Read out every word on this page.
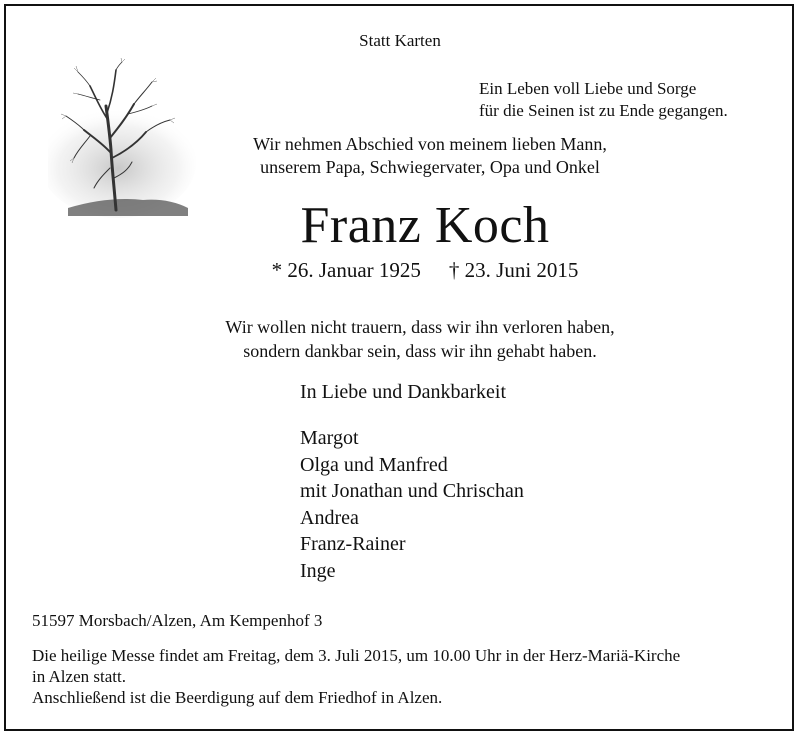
Statt Karten
Ein Leben voll Liebe und Sorge
für die Seinen ist zu Ende gegangen.
Wir nehmen Abschied von meinem lieben Mann,
unserem Papa, Schwiegervater, Opa und Onkel
Franz Koch
* 26. Januar 1925 † 23. Juni 2015
Wir wollen nicht trauern, dass wir ihn verloren haben,
sondern dankbar sein, dass wir ihn gehabt haben.
In Liebe und Dankbarkeit
Margot
Olga und Manfred
mit Jonathan und Chrischan
Andrea
Franz-Rainer
Inge
51597 Morsbach/Alzen, Am Kempenhof 3
Die heilige Messe findet am Freitag, dem 3. Juli 2015, um 10.00 Uhr in der Herz-Mariä-Kirche
in Alzen statt.
Anschließend ist die Beerdigung auf dem Friedhof in Alzen.
